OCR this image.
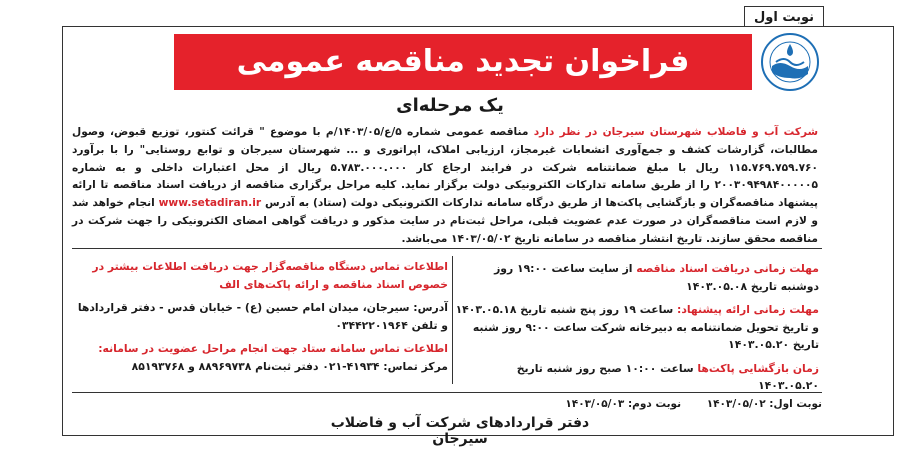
نوبت اول
فراخوان تجدید مناقصه عمومی
یک مرحله‌ای
شرکت آب و فاضلاب شهرستان سیرجان در نظر دارد مناقصه عمومی شماره ۵/ع/۱۴۰۳/۰۵/م با موضوع " قرائت کنتور، توزیع قبوض، وصول مطالبات، گزارشات کشف و جمع‌آوری انشعابات غیرمجاز، ارزیابی املاک، اپراتوری و ... شهرستان سیرجان و توابع روستایی" را با برآورد ۱۱۵.۷۶۹.۷۵۹.۷۶۰ ریال با مبلغ ضمانتنامه شرکت در فرایند ارجاع کار ۵.۷۸۳.۰۰۰.۰۰۰ ریال از محل اعتبارات داخلی و به شماره ۲۰۰۳۰۹۴۹۸۴۰۰۰۰۰۵ را از طریق سامانه تدارکات الکترونیکی دولت برگزار نماید. کلیه مراحل برگزاری مناقصه از دریافت اسناد مناقصه تا ارائه پیشنهاد مناقصه‌گران و بازگشایی پاکت‌ها از طریق درگاه سامانه تدارکات الکترونیکی دولت (ستاد) به آدرس www.setadiran.ir انجام خواهد شد و لازم است مناقصه‌گران در صورت عدم عضویت قبلی، مراحل ثبت‌نام در سایت مذکور و دریافت گواهی امضای الکترونیکی را جهت شرکت در مناقصه محقق سازند. تاریخ انتشار مناقصه در سامانه تاریخ ۱۴۰۳/۰۵/۰۲ می‌باشد.
مهلت زمانی دریافت اسناد مناقصه از سایت ساعت ۱۹:۰۰ روز دوشنبه تاریخ ۱۴۰۳.۰۵.۰۸
مهلت زمانی ارائه پیشنهاد: ساعت ۱۹ روز پنج شنبه تاریخ ۱۴۰۳.۰۵.۱۸ و تاریخ تحویل ضمانتنامه به دبیرخانه شرکت ساعت ۹:۰۰ روز شنبه تاریخ ۱۴۰۳.۰۵.۲۰
زمان بازگشایی پاکت‌ها ساعت ۱۰:۰۰ صبح روز شنبه تاریخ ۱۴۰۳.۰۵.۲۰
اطلاعات تماس دستگاه مناقصه‌گزار جهت دریافت اطلاعات بیشتر در خصوص اسناد مناقصه و ارائه پاکت‌های الف
آدرس: سیرجان، میدان امام حسین (ع) - خیابان قدس - دفتر قراردادها و تلفن ۰۳۴۴۲۲۰۱۹۶۴
اطلاعات تماس سامانه ستاد جهت انجام مراحل عضویت در سامانه: مرکز تماس: ۴۱۹۳۴-۰۲۱ دفتر ثبت‌نام ۸۸۹۶۹۷۳۸ و ۸۵۱۹۳۷۶۸
نوبت اول: ۱۴۰۳/۰۵/۰۲ نوبت دوم: ۱۴۰۳/۰۵/۰۳
دفتر قراردادهای شرکت آب و فاضلاب سیرجان
